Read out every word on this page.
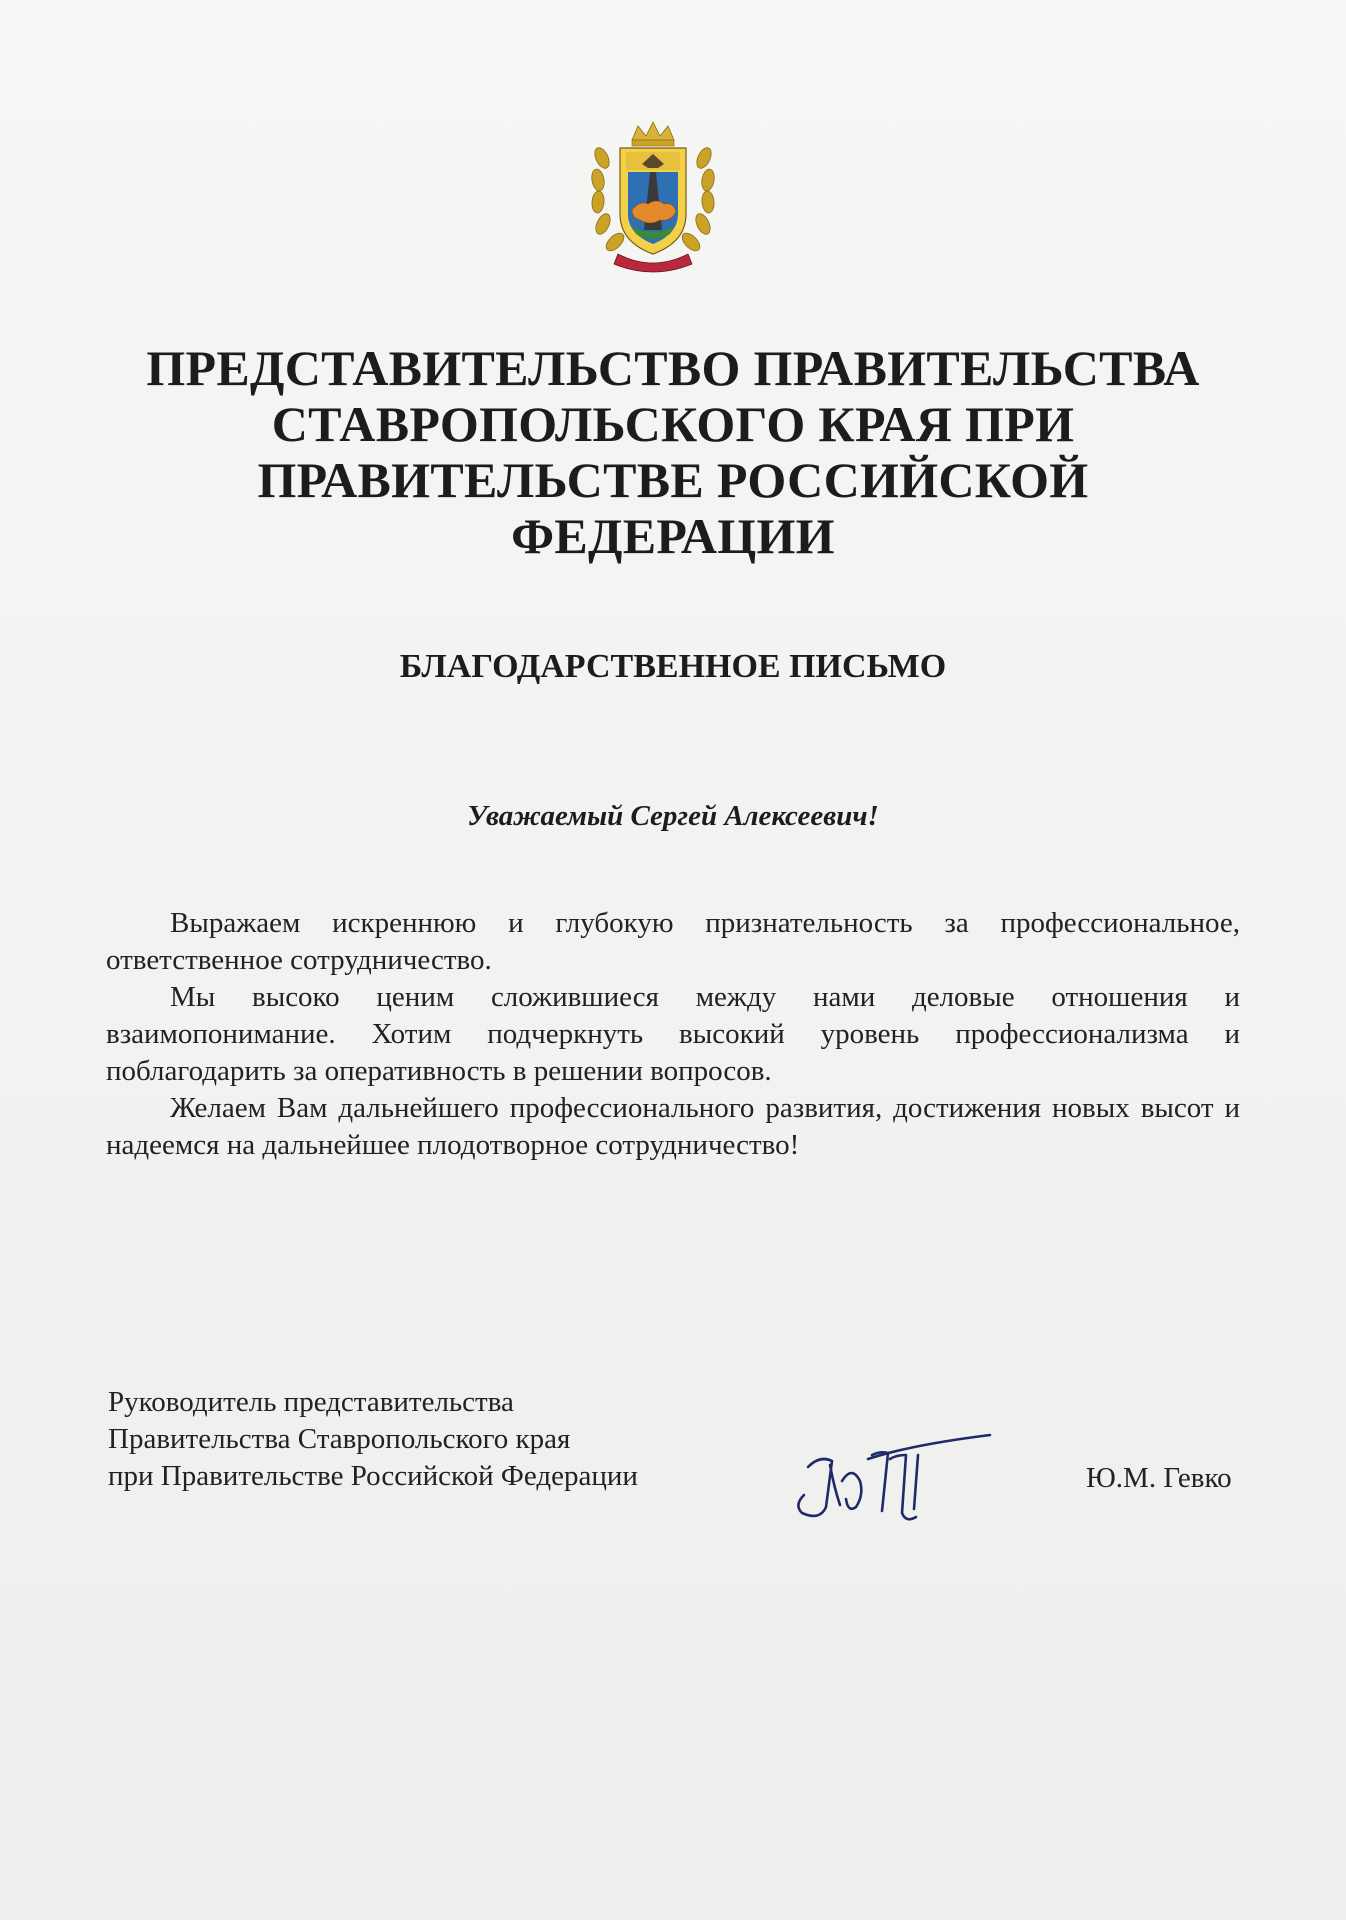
ПРЕДСТАВИТЕЛЬСТВО ПРАВИТЕЛЬСТВА
СТАВРОПОЛЬСКОГО КРАЯ ПРИ
ПРАВИТЕЛЬСТВЕ РОССИЙСКОЙ
ФЕДЕРАЦИИ
БЛАГОДАРСТВЕННОЕ ПИСЬМО
Уважаемый Сергей Алексеевич!

Выражаем искреннюю и глубокую признательность за профессиональное, ответственное сотрудничество.

Мы высоко ценим сложившиеся между нами деловые отношения и взаимопонимание. Хотим подчеркнуть высокий уровень профессионализма и поблагодарить за оперативность в решении вопросов.

Желаем Вам дальнейшего профессионального развития, достижения новых высот и надеемся на дальнейшее плодотворное сотрудничество!

Руководитель представительства
Правительства Ставропольского края
при Правительстве Российской Федерации	Ю.М. Гевко
